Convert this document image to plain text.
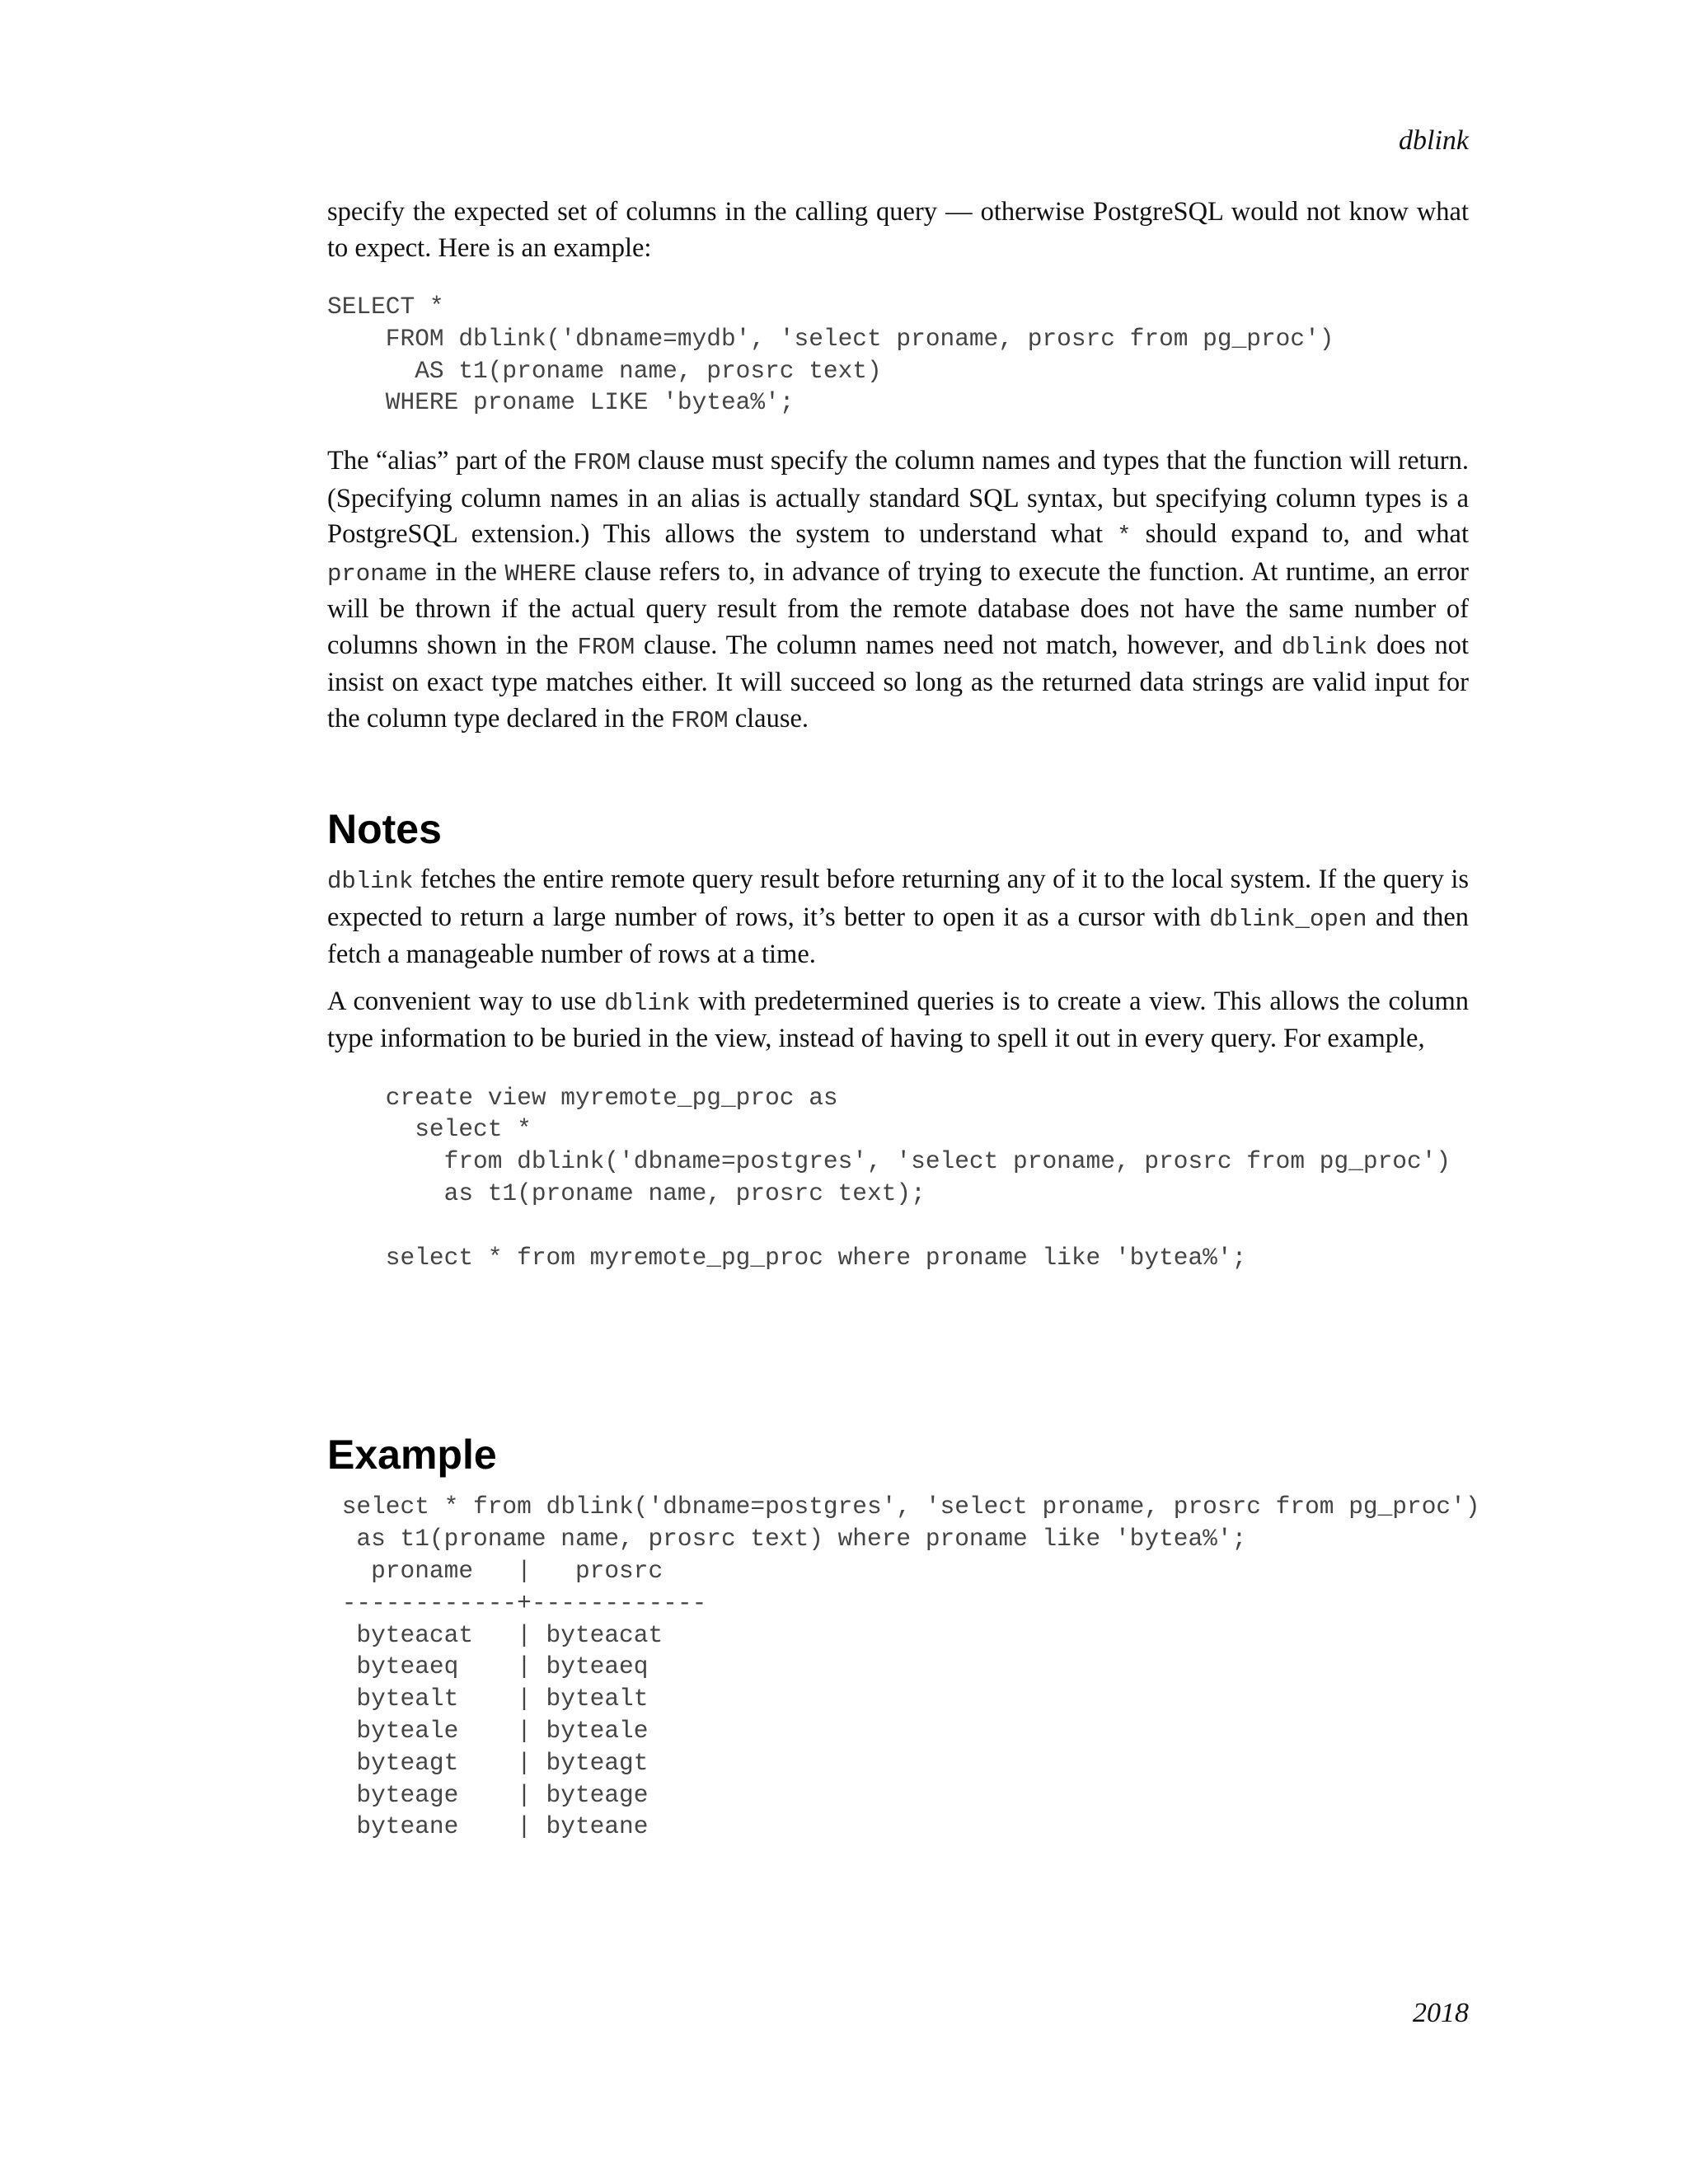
dblink

specify the expected set of columns in the calling query — otherwise PostgreSQL would not know what to expect. Here is an example:

SELECT *
FROM dblink('dbname=mydb', 'select proname, prosrc from pg_proc')
AS t1(proname name, prosrc text)
WHERE proname LIKE 'bytea%';

The “alias” part of the FROM clause must specify the column names and types that the function will return. (Specifying column names in an alias is actually standard SQL syntax, but specifying column types is a PostgreSQL extension.) This allows the system to understand what * should expand to, and what proname in the WHERE clause refers to, in advance of trying to execute the function. At runtime, an error will be thrown if the actual query result from the remote database does not have the same number of columns shown in the FROM clause. The column names need not match, however, and dblink does not insist on exact type matches either. It will succeed so long as the returned data strings are valid input for the column type declared in the FROM clause.

Notes

dblink fetches the entire remote query result before returning any of it to the local system. If the query is expected to return a large number of rows, it’s better to open it as a cursor with dblink_open and then fetch a manageable number of rows at a time.

A convenient way to use dblink with predetermined queries is to create a view. This allows the column type information to be buried in the view, instead of having to spell it out in every query. For example,

create view myremote_pg_proc as
select *
from dblink('dbname=postgres', 'select proname, prosrc from pg_proc')
as t1(proname name, prosrc text);

select * from myremote_pg_proc where proname like 'bytea%';
Example
select * from dblink('dbname=postgres', 'select proname, prosrc from pg_proc')
as t1(proname name, prosrc text) where proname like 'bytea%';
proname   |   prosrc
------------+------------
byteacat   | byteacat
byteaeq    | byteaeq
bytealt    | bytealt
byteale    | byteale
byteagt    | byteagt
byteage    | byteage
byteane    | byteane
2018
